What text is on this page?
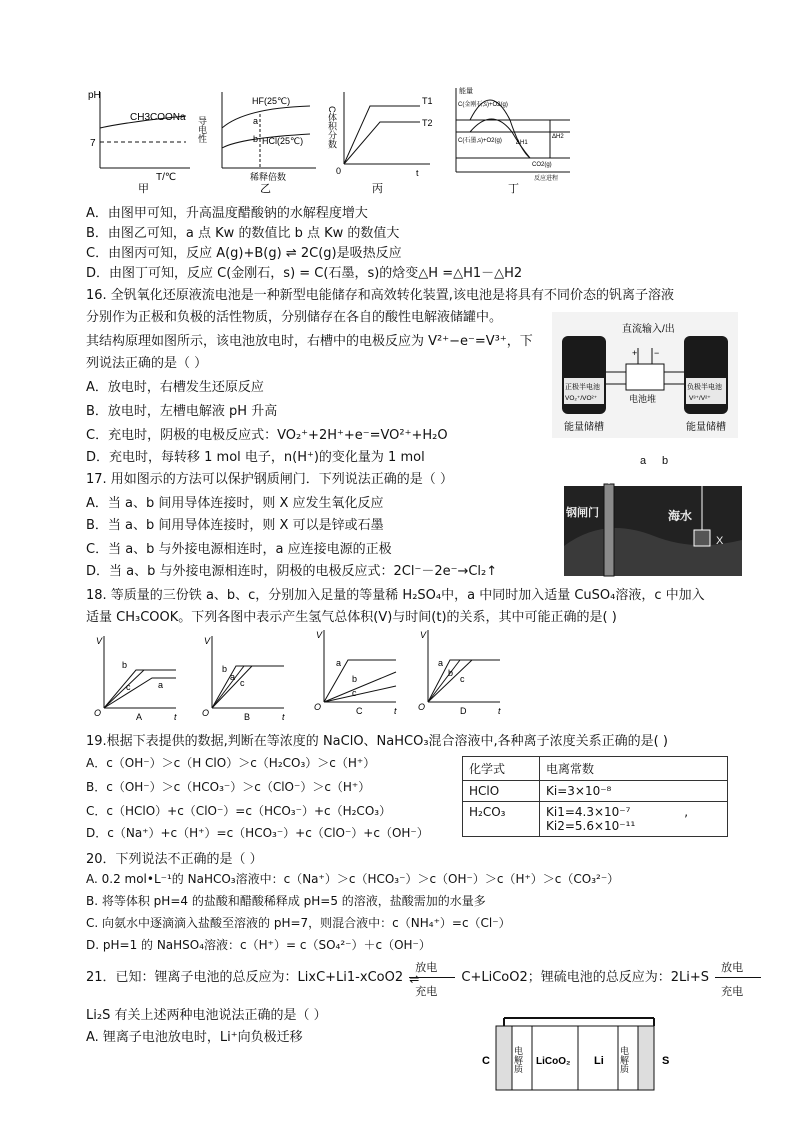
pH
CH3COONa
7
T/℃
甲
导电性
HF(25℃)
HCl(25℃)
a
b
稀释倍数
乙
C体积分数
T1
T2
0	t
丙
能量
C(金刚石,s)+O2(g)
C(石墨,s)+O2(g) ΔH1
ΔH2
CO2(g)
反应进程
丁
A．由图甲可知，升高温度醋酸钠的水解程度增大
B．由图乙可知，a 点 Kw 的数值比 b 点 Kw 的数值大
C．由图丙可知，反应 A(g)+B(g) ⇌ 2C(g)是吸热反应
D．由图丁可知，反应 C(金刚石，s) = C(石墨，s)的焓变△H =△H1－△H2
16. 全钒氧化还原液流电池是一种新型电能储存和高效转化装置,该电池是将具有不同价态的钒离子溶液
分别作为正极和负极的活性物质，分别储存在各自的酸性电解液储罐中。
其结构原理如图所示，该电池放电时，右槽中的电极反应为 V²⁺−e⁻=V³⁺，下
列说法正确的是（ ）
A．放电时，右槽发生还原反应
B．放电时，左槽电解液 pH 升高
C．充电时，阴极的电极反应式：VO₂⁺+2H⁺+e⁻=VO²⁺+H₂O
D．充电时，每转移 1 mol 电子，n(H⁺)的变化量为 1 mol
直流输入/出
+ −
正极半电池
VO₂⁺/VO²⁺	电池堆
负极半电池
V³⁺/V²⁺
能量储槽	能量储槽
17. 用如图示的方法可以保护钢质闸门．下列说法正确的是（ ）
A．当 a、b 间用导体连接时，则 X 应发生氧化反应
B．当 a、b 间用导体连接时，则 X 可以是锌或石墨
C．当 a、b 与外接电源相连时，a 应连接电源的正极
D．当 a、b 与外接电源相连时，阴极的电极反应式：2Cl⁻－2e⁻→Cl₂↑
a b
钢闸门	海水
X
18. 等质量的三份铁 a、b、c，分别加入足量的等量稀 H₂SO₄中，a 中同时加入适量 CuSO₄溶液，c 中加入
适量 CH₃COOK。下列各图中表示产生氢气总体积(V)与时间(t)的关系，其中可能正确的是( )
V
t
O
b
c	a
A
V
t
O
b
a
c
B
V
t
O
a
b
c
C
V
t
O
a
b
c
D
19.根据下表提供的数据,判断在等浓度的 NaClO、NaHCO₃混合溶液中,各种离子浓度关系正确的是( )
A．c（OH⁻）＞c（H ClO）＞c（H₂CO₃）＞c（H⁺）
B．c（OH⁻）＞c（HCO₃⁻）＞c（ClO⁻）＞c（H⁺）
C．c（HClO）+c（ClO⁻）=c（HCO₃⁻）+c（H₂CO₃）
D．c（Na⁺）+c（H⁺）=c（HCO₃⁻）+c（ClO⁻）+c（OH⁻）
化学式	电离常数
HClO	Ki=3×10⁻⁸
H₂CO₃	Ki1=4.3×10⁻⁷ ,
Ki2=5.6×10⁻¹¹
20．下列说法不正确的是（ ）
A. 0.2 mol•L⁻¹的 NaHCO₃溶液中：c（Na⁺）＞c（HCO₃⁻）＞c（OH⁻）＞c（H⁺）＞c（CO₃²⁻）
B. 将等体积 pH=4 的盐酸和醋酸稀释成 pH=5 的溶液，盐酸需加的水量多
C. 向氨水中逐滴滴入盐酸至溶液的 pH=7，则混合液中：c（NH₄⁺）=c（Cl⁻）
D. pH=1 的 NaHSO₄溶液：c（H⁺）= c（SO₄²⁻）＋c（OH⁻）
21．已知：锂离子电池的总反应为：LixC+Li1-xCoO2
放电
⇌
充电
C+LiCoO2；锂硫电池的总反应为：2Li+S
放电
充电
Li₂S 有关上述两种电池说法正确的是（ ）
A. 锂离子电池放电时，Li⁺向负极迁移
C	电解质 LiCoO₂ Li 电解质	S
